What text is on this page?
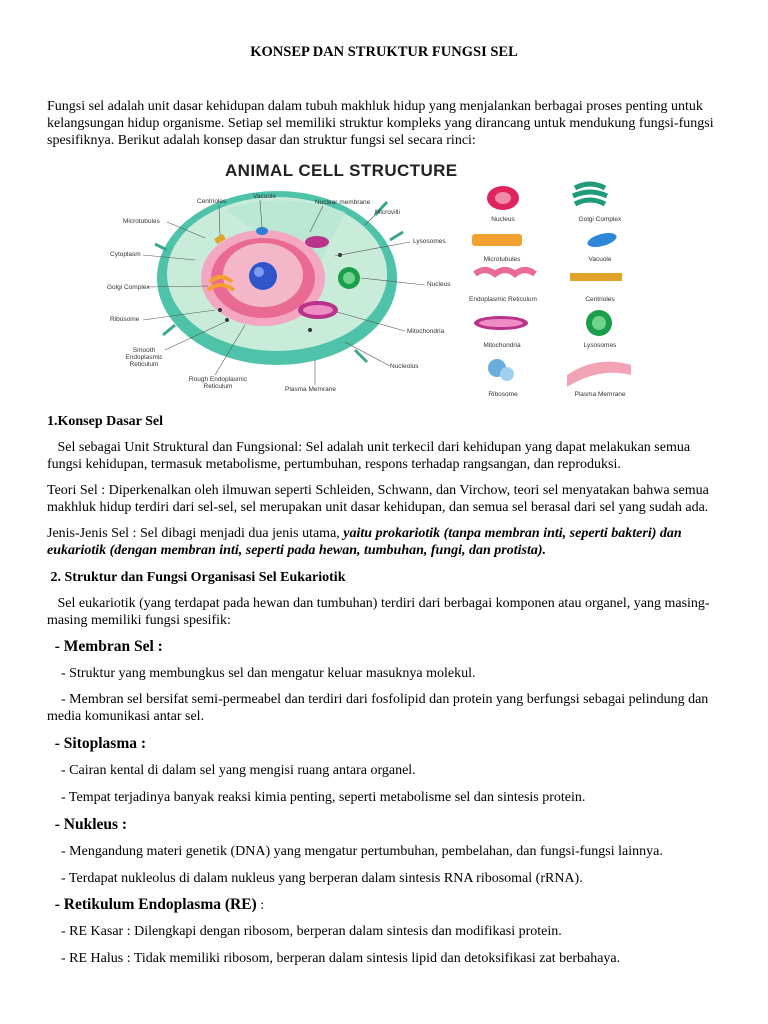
KONSEP DAN STRUKTUR FUNGSI SEL
Fungsi sel adalah unit dasar kehidupan dalam tubuh makhluk hidup yang menjalankan berbagai proses penting untuk kelangsungan hidup organisme. Setiap sel memiliki struktur kompleks yang dirancang untuk mendukung fungsi-fungsi spesifiknya. Berikut adalah konsep dasar dan struktur fungsi sel secara rinci:
ANIMAL CELL STRUCTURE
Centrioles
Vacuole
Nuclear membrane
Microvilli
Microtubules
Lysosomes
Cytoplasm
Golgi Complex	Nucleus
Ribosome
Mitochondria
Smooth Endoplasmic Reticulum	Nucleolus
Rough Endoplasmic Reticulum	Plasma Memrane
Nucleus	Golgi Complex
Microtubules	Vacuole
Endoplasmic Reticulum	Centrioles
Mitochondria	Lysosomes
Ribosome	Plasma Memrane
1.Konsep Dasar Sel
Sel sebagai Unit Struktural dan Fungsional: Sel adalah unit terkecil dari kehidupan yang dapat melakukan semua fungsi kehidupan, termasuk metabolisme, pertumbuhan, respons terhadap rangsangan, dan reproduksi.
Teori Sel : Diperkenalkan oleh ilmuwan seperti Schleiden, Schwann, dan Virchow, teori sel menyatakan bahwa semua makhluk hidup terdiri dari sel-sel, sel merupakan unit dasar kehidupan, dan semua sel berasal dari sel yang sudah ada.
Jenis-Jenis Sel : Sel dibagi menjadi dua jenis utama, yaitu prokariotik (tanpa membran inti, seperti bakteri) dan eukariotik (dengan membran inti, seperti pada hewan, tumbuhan, fungi, dan protista).
2. Struktur dan Fungsi Organisasi Sel Eukariotik
Sel eukariotik (yang terdapat pada hewan dan tumbuhan) terdiri dari berbagai komponen atau organel, yang masing-masing memiliki fungsi spesifik:
- Membran Sel :
- Struktur yang membungkus sel dan mengatur keluar masuknya molekul.
- Membran sel bersifat semi-permeabel dan terdiri dari fosfolipid dan protein yang berfungsi sebagai pelindung dan media komunikasi antar sel.
- Sitoplasma :
- Cairan kental di dalam sel yang mengisi ruang antara organel.
- Tempat terjadinya banyak reaksi kimia penting, seperti metabolisme sel dan sintesis protein.
- Nukleus :
- Mengandung materi genetik (DNA) yang mengatur pertumbuhan, pembelahan, dan fungsi-fungsi lainnya.
- Terdapat nukleolus di dalam nukleus yang berperan dalam sintesis RNA ribosomal (rRNA).
- Retikulum Endoplasma (RE) :
- RE Kasar : Dilengkapi dengan ribosom, berperan dalam sintesis dan modifikasi protein.
- RE Halus : Tidak memiliki ribosom, berperan dalam sintesis lipid dan detoksifikasi zat berbahaya.
